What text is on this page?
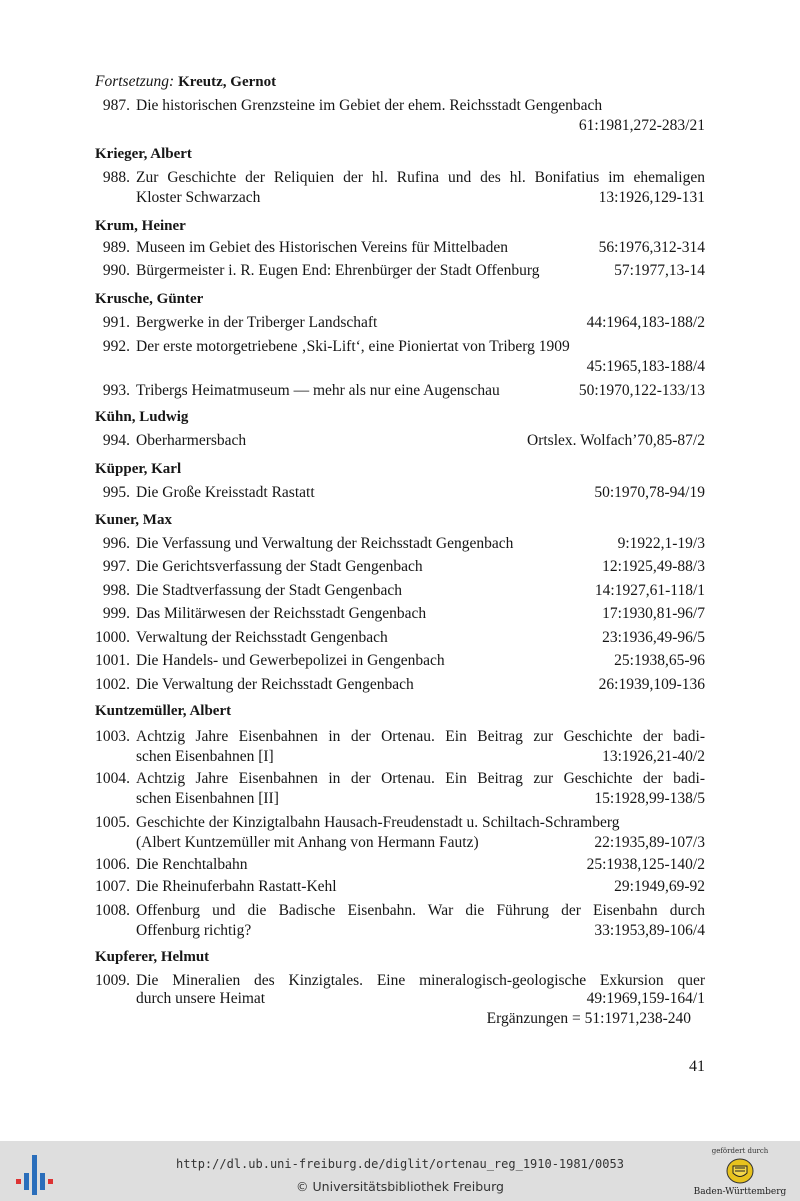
Fortsetzung: Kreutz, Gernot
987. Die historischen Grenzsteine im Gebiet der ehem. Reichsstadt Gengenbach
61:1981,272-283/21
Krieger, Albert
988. Zur Geschichte der Reliquien der hl. Rufina und des hl. Bonifatius im ehemaligen
Kloster Schwarzach	13:1926,129-131
Krum, Heiner
989. Museen im Gebiet des Historischen Vereins für Mittelbaden	56:1976,312-314
990. Bürgermeister i. R. Eugen End: Ehrenbürger der Stadt Offenburg	57:1977,13-14
Krusche, Günter
991. Bergwerke in der Triberger Landschaft	44:1964,183-188/2
992. Der erste motorgetriebene ‚Ski-Lift‘, eine Pioniertat von Triberg 1909
45:1965,183-188/4
993. Tribergs Heimatmuseum — mehr als nur eine Augenschau	50:1970,122-133/13
Kühn, Ludwig
994. Oberharmersbach	Ortslex. Wolfach’70,85-87/2
Küpper, Karl
995. Die Große Kreisstadt Rastatt	50:1970,78-94/19
Kuner, Max
996. Die Verfassung und Verwaltung der Reichsstadt Gengenbach	9:1922,1-19/3
997. Die Gerichtsverfassung der Stadt Gengenbach	12:1925,49-88/3
998. Die Stadtverfassung der Stadt Gengenbach	14:1927,61-118/1
999. Das Militärwesen der Reichsstadt Gengenbach	17:1930,81-96/7
1000. Verwaltung der Reichsstadt Gengenbach	23:1936,49-96/5
1001. Die Handels- und Gewerbepolizei in Gengenbach	25:1938,65-96
1002. Die Verwaltung der Reichsstadt Gengenbach	26:1939,109-136
Kuntzemüller, Albert
1003. Achtzig Jahre Eisenbahnen in der Ortenau. Ein Beitrag zur Geschichte der badi-
schen Eisenbahnen [I]	13:1926,21-40/2
1004. Achtzig Jahre Eisenbahnen in der Ortenau. Ein Beitrag zur Geschichte der badi-
schen Eisenbahnen [II]	15:1928,99-138/5
1005. Geschichte der Kinzigtalbahn Hausach-Freudenstadt u. Schiltach-Schramberg
(Albert Kuntzemüller mit Anhang von Hermann Fautz)	22:1935,89-107/3
1006. Die Renchtalbahn	25:1938,125-140/2
1007. Die Rheinuferbahn Rastatt-Kehl	29:1949,69-92
1008. Offenburg und die Badische Eisenbahn. War die Führung der Eisenbahn durch
Offenburg richtig?	33:1953,89-106/4
Kupferer, Helmut
1009. Die Mineralien des Kinzigtales. Eine mineralogisch-geologische Exkursion quer
durch unsere Heimat	49:1969,159-164/1
Ergänzungen = 51:1971,238-240
41
http://dl.ub.uni-freiburg.de/diglit/ortenau_reg_1910-1981/0053
© Universitätsbibliothek Freiburg
gefördert durch
Baden-Württemberg
